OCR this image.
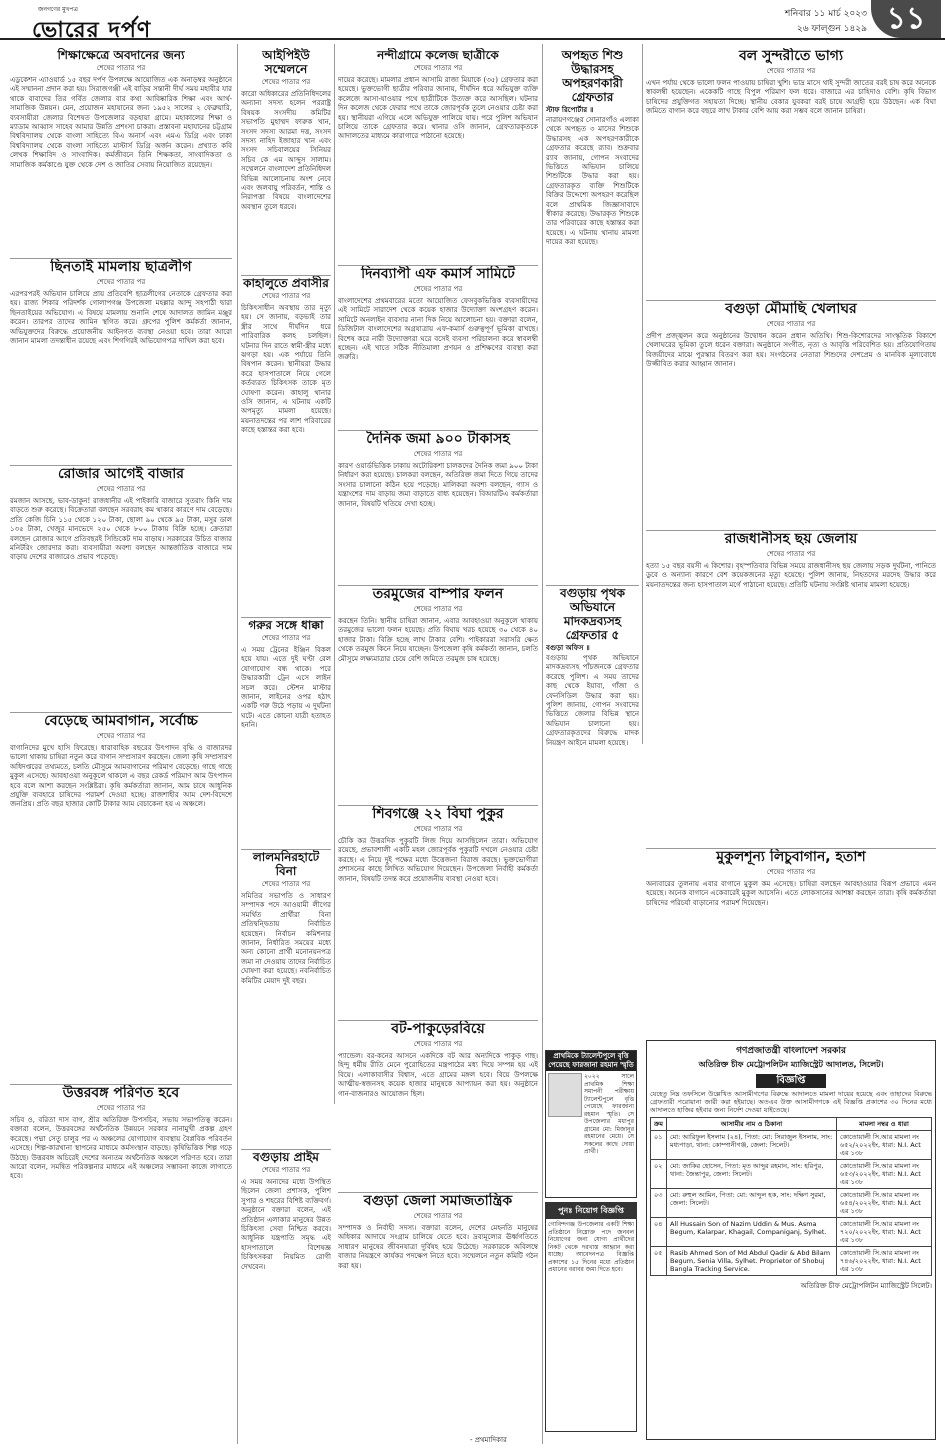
জনগণের মুখপত্র
ভোরের দর্পণ
শনিবার ১১ মার্চ ২০২৩
২৬ ফাল্গুন ১৪২৯ ১১
শিক্ষাক্ষেত্রে অবদানের জন্য
শেষের পাতার পর
এডুকেশন এ্যাওয়ার্ড ১৫ বছর দর্পণ উপলক্ষে আয়োজিত এক অনাড়ম্বর অনুষ্ঠানে এই সম্মাননা প্রদান করা হয়। সিরাজগঞ্জী এই বাড়ির সন্তানী দীর্ঘ সময় মহাবীর যার থাকে বাবাদের তির গর্বিত জেলার বার কথা আবিষ্কারিক শিক্ষা এবং আর্থ-সামাজিক উন্নয়ন। মেন, প্রয়োজন মহাযানের জন্য ১৯৫২ সালের ২ ফেব্রুয়ারি, ব্যবসায়ীরা জেলার বিশেষত উপজেলার বড়হায়া গ্রামে। মহাকালের শিক্ষা ও ম্যাডাম আব্বাস সাহেব আমার উন্নতি প্রশংসা চাকরা। প্রস্তাবনা মহাযানের চট্টগ্রাম বিশ্ববিদ্যালয় থেকে বাংলা সাহিত্যে বিএ অনার্স এবং এমএ ডিগ্রি এবং ঢাকা বিশ্ববিদ্যালয় থেকে বাংলা সাহিত্যে মাস্টার্স ডিগ্রি অর্জন করেন। প্রখ্যাত কবি লেখক শিক্ষাবিদ ও সাংবাদিক। কর্মজীবনে তিনি শিক্ষকতা, সাংবাদিকতা ও সামাজিক কর্মকাণ্ডে যুক্ত থেকে দেশ ও জাতির সেবায় নিয়োজিত রয়েছেন।
ছিনতাই মামলায় ছাত্রলীগ
শেষের পাতার পর
এরপরপরই অভিযান চালিয়ে প্রায় প্রতিবেশি ছাত্রলীগের নেতাকে গ্রেফতার করা হয়। রাজ্য শিকার পরিদর্শক গোলাপগঞ্জ উপজেলা মহল্লার আন্দু সহপাঠী দ্বারা ছিনতাইয়ের অভিযোগ। এ বিষয়ে মামলায় শুনানি শেষে আদালত জামিন মঞ্জুর করেন। তারপর তাদের জামিন স্থগিত করে। গ্রুপের পুলিশ কর্মকর্তা জানান, অভিযুক্তদের বিরুদ্ধে প্রয়োজনীয় আইনগত ব্যবস্থা নেওয়া হবে। তারা আরো জানান মামলা তদন্তাধীন রয়েছে এবং শিগগিরই অভিযোগপত্র দাখিল করা হবে।
রোজার আগেই বাজার
শেষের পাতার পর
রমজান আসছে, ভাব-ডাকুন! রাজধানীর এই পাইকারি বাজারে সুতরাং কিনি দাম বাড়তে শুরু করেছে। বিক্রেতারা বলছেন সরবরাহ কম থাকার কারণে দাম বেড়েছে। প্রতি কেজি চিনি ১১৫ থেকে ১২০ টাকা, ছোলা ৯০ থেকে ৯৫ টাকা, মসুর ডাল ১৩৫ টাকা, খেজুর মানভেদে ২৫০ থেকে ৮০০ টাকায় বিক্রি হচ্ছে। ক্রেতারা বলছেন রোজার আগে প্রতিবছরই সিন্ডিকেট দাম বাড়ায়। সরকারের উচিত বাজার মনিটরিং জোরদার করা। ব্যবসায়ীরা অবশ্য বলছেন আন্তর্জাতিক বাজারে দাম বাড়ায় দেশের বাজারেও প্রভাব পড়েছে।
বেড়েছে আমবাগান, সর্বোচ্চ
শেষের পাতার পর
বাগানিদের মুখে হাসি ফিরেছে। ধারাবাহিক বছরের উৎপাদন বৃদ্ধি ও বাজারদর ভালো থাকায় চাষিরা নতুন করে বাগান সম্প্রসারণ করছেন। জেলা কৃষি সম্প্রসারণ অধিদপ্তরের তথ্যমতে, চলতি মৌসুমে আমবাগানের পরিমাণ বেড়েছে। গাছে গাছে মুকুল এসেছে। আবহাওয়া অনুকূলে থাকলে এ বছর রেকর্ড পরিমাণ আম উৎপাদন হবে বলে আশা করছেন সংশ্লিষ্টরা। কৃষি কর্মকর্তারা জানান, আম চাষে আধুনিক প্রযুক্তি ব্যবহারে চাষিদের পরামর্শ দেওয়া হচ্ছে। রাজশাহীর আম দেশ-বিদেশে জনপ্রিয়। প্রতি বছর হাজার কোটি টাকার আম বেচাকেনা হয় এ অঞ্চলে।
উত্তরবঙ্গ পরিণত হবে
শেষের পাতার পর
সচিব ও, বরিতা দাস বাগ, শ্রীর অতিরিক্ত উপসচিব, সভায় সভাপতিত্ব করেন। বক্তারা বলেন, উত্তরবঙ্গের অর্থনৈতিক উন্নয়নে সরকার নানামুখী প্রকল্প গ্রহণ করেছে। পদ্মা সেতু চালুর পর এ অঞ্চলের যোগাযোগ ব্যবস্থায় বৈপ্লবিক পরিবর্তন এসেছে। শিল্প-কারখানা স্থাপনের মাধ্যমে কর্মসংস্থান বাড়ছে। কৃষিভিত্তিক শিল্প গড়ে উঠছে। উত্তরবঙ্গ অচিরেই দেশের অন্যতম অর্থনৈতিক অঞ্চলে পরিণত হবে। তারা আরো বলেন, সমন্বিত পরিকল্পনার মাধ্যমে এই অঞ্চলের সম্ভাবনা কাজে লাগাতে হবে।
আইপিইউ সম্মেলনে
শেষের পাতার পর
কারো অধিকারের প্রতিনিধিদলের অন্যান্য সদস্য হলেন পররাষ্ট্র বিষয়ক সংসদীয় কমিটির সভাপতি মুহাম্মদ ফারুক খান, সংসদ সদস্য আরমা দত্ত, সংসদ সদস্য নাহিদ ইজাহার খান এবং সংসদ সচিবালয়ের সিনিয়র সচিব কে এম আব্দুস সালাম। সম্মেলনে বাংলাদেশ প্রতিনিধিদল বিভিন্ন আলোচনায় অংশ নেবে এবং জলবায়ু পরিবর্তন, শান্তি ও নিরাপত্তা বিষয়ে বাংলাদেশের অবস্থান তুলে ধরবে।
কাহালুতে প্রবাসীর
শেষের পাতার পর
চিকিৎসাধীন অবস্থায় তার মৃত্যু হয়। সে জানায়, বড়ভাই তার স্ত্রীর সাথে দীর্ঘদিন ধরে পারিবারিক কলহ চলছিল। ঘটনার দিন রাতে স্বামী-স্ত্রীর মধ্যে ঝগড়া হয়। এক পর্যায়ে তিনি বিষপান করেন। স্থানীয়রা উদ্ধার করে হাসপাতালে নিয়ে গেলে কর্তব্যরত চিকিৎসক তাকে মৃত ঘোষণা করেন। কাহালু থানার ওসি জানান, এ ঘটনায় একটি অপমৃত্যু মামলা হয়েছে। ময়নাতদন্তের পর লাশ পরিবারের কাছে হস্তান্তর করা হবে।
গরুর সঙ্গে ধাক্কা
শেষের পাতার পর
এ সময় ট্রেনের ইঞ্জিন বিকল হয়ে যায়। এতে দুই ঘণ্টা রেল যোগাযোগ বন্ধ থাকে। পরে উদ্ধারকারী ট্রেন এসে লাইন সচল করে। স্টেশন মাস্টার জানান, লাইনের ওপর হঠাৎ একটি গরু উঠে পড়ায় এ দুর্ঘটনা ঘটে। এতে কোনো যাত্রী হতাহত হননি।
লালমনিরহাটে বিনা
শেষের পাতার পর
সমিতির সভাপতি ও সাধারণ সম্পাদক পদে আওয়ামী লীগের সমর্থিত প্রার্থীরা বিনা প্রতিদ্বন্দ্বিতায় নির্বাচিত হয়েছেন। নির্বাচন কমিশনার জানান, নির্ধারিত সময়ের মধ্যে অন্য কোনো প্রার্থী মনোনয়নপত্র জমা না দেওয়ায় তাদের নির্বাচিত ঘোষণা করা হয়েছে। নবনির্বাচিত কমিটির মেয়াদ দুই বছর।
বগুড়ায় প্রাইম
শেষের পাতার পর
এ সময় অন্যদের মধ্যে উপস্থিত ছিলেন জেলা প্রশাসক, পুলিশ সুপার ও শহরের বিশিষ্ট ব্যক্তিবর্গ। অনুষ্ঠানে বক্তারা বলেন, এই প্রতিষ্ঠান এলাকার মানুষের উন্নত চিকিৎসা সেবা নিশ্চিত করবে। আধুনিক যন্ত্রপাতি সমৃদ্ধ এই হাসপাতালে বিশেষজ্ঞ চিকিৎসকরা নিয়মিত রোগী দেখবেন।
নন্দীগ্রামে কলেজ ছাত্রীকে
শেষের পাতার পর
দায়ের করেছে। মামলার প্রধান আসামি রাজা মিয়াকে (৩৫) গ্রেফতার করা হয়েছে। ভুক্তভোগী ছাত্রীর পরিবার জানায়, দীর্ঘদিন ধরে অভিযুক্ত ব্যক্তি কলেজে আসা-যাওয়ার পথে ছাত্রীটিকে উত্যক্ত করে আসছিল। ঘটনার দিন কলেজ থেকে ফেরার পথে তাকে জোরপূর্বক তুলে নেওয়ার চেষ্টা করা হয়। স্থানীয়রা এগিয়ে এলে অভিযুক্ত পালিয়ে যায়। পরে পুলিশ অভিযান চালিয়ে তাকে গ্রেফতার করে। থানার ওসি জানান, গ্রেফতারকৃতকে আদালতের মাধ্যমে কারাগারে পাঠানো হয়েছে।
দিনব্যাপী এফ কমার্স সামিটে
শেষের পাতার পর
বাংলাদেশের প্রথমবারের মতো আয়োজিত ফেসবুকভিত্তিক ব্যবসায়ীদের এই সামিটে সারাদেশ থেকে কয়েক হাজার উদ্যোক্তা অংশগ্রহণ করেন। সামিটে অনলাইন ব্যবসার নানা দিক নিয়ে আলোচনা হয়। বক্তারা বলেন, ডিজিটাল বাংলাদেশের অগ্রযাত্রায় এফ-কমার্স গুরুত্বপূর্ণ ভূমিকা রাখছে। বিশেষ করে নারী উদ্যোক্তারা ঘরে বসেই ব্যবসা পরিচালনা করে স্বাবলম্বী হচ্ছেন। এই খাতে সঠিক নীতিমালা প্রণয়ন ও প্রশিক্ষণের ব্যবস্থা করা জরুরি।
দৈনিক জমা ৯০০ টাকাসহ
শেষের পাতার পর
কারণ ওয়ার্ডভিত্তিক ঢাকায় অটোরিকশা চালকদের দৈনিক জমা ৯০০ টাকা নির্ধারণ করা হয়েছে। চালকরা বলছেন, অতিরিক্ত জমা দিতে গিয়ে তাদের সংসার চালানো কঠিন হয়ে পড়েছে। মালিকরা অবশ্য বলছেন, গ্যাস ও যন্ত্রাংশের দাম বাড়ায় জমা বাড়াতে বাধ্য হয়েছেন। বিআরটিএ কর্মকর্তারা জানান, বিষয়টি খতিয়ে দেখা হচ্ছে।
তরমুজের বাম্পার ফলন
শেষের পাতার পর
করছেন তিনি। স্থানীয় চাষিরা জানান, এবার আবহাওয়া অনুকূলে থাকায় তরমুজের ভালো ফলন হয়েছে। প্রতি বিঘায় খরচ হয়েছে ৩০ থেকে ৪০ হাজার টাকা। বিক্রি হচ্ছে লাখ টাকার বেশি। পাইকাররা সরাসরি ক্ষেত থেকে তরমুজ কিনে নিয়ে যাচ্ছেন। উপজেলা কৃষি কর্মকর্তা জানান, চলতি মৌসুমে লক্ষ্যমাত্রার চেয়ে বেশি জমিতে তরমুজ চাষ হয়েছে।
শিবগঞ্জে ২২ বিঘা পুকুর
শেষের পাতার পর
চৌকি কর উত্তরদিক পুকুরটি লিজ দিয়ে আসছিলেন তারা। অভিযোগ রয়েছে, প্রভাবশালী একটি মহল জোরপূর্বক পুকুরটি দখলে নেওয়ার চেষ্টা করছে। এ নিয়ে দুই পক্ষের মধ্যে উত্তেজনা বিরাজ করছে। ভুক্তভোগীরা প্রশাসনের কাছে লিখিত অভিযোগ দিয়েছেন। উপজেলা নির্বাহী কর্মকর্তা জানান, বিষয়টি তদন্ত করে প্রয়োজনীয় ব্যবস্থা নেওয়া হবে।
বট-পাকুড়েরবিয়ে
শেষের পাতার পর
প্যান্ডেল। বর-কনের আসনে একদিকে বট আর অন্যদিকে পাকুড় গাছ। হিন্দু ধর্মীয় রীতি মেনে পুরোহিতের মন্ত্রপাঠের মধ্য দিয়ে সম্পন্ন হয় এই বিয়ে। এলাকাবাসীর বিশ্বাস, এতে গ্রামের মঙ্গল হবে। বিয়ে উপলক্ষে আত্মীয়-স্বজনসহ কয়েক হাজার মানুষকে আপ্যায়ন করা হয়। অনুষ্ঠানে গান-বাজনারও আয়োজন ছিল।
বগুড়া জেলা সমাজতান্ত্রিক
শেষের পাতার পর
সম্পাদক ও নির্বাহী সদস্য। বক্তারা বলেন, দেশের মেহনতি মানুষের অধিকার আদায়ে সংগ্রাম চালিয়ে যেতে হবে। দ্রব্যমূল্যের ঊর্ধ্বগতিতে সাধারণ মানুষের জীবনযাত্রা দুর্বিষহ হয়ে উঠেছে। সরকারকে অবিলম্বে বাজার নিয়ন্ত্রণে কার্যকর পদক্ষেপ নিতে হবে। সম্মেলনে নতুন কমিটি গঠন করা হয়।
অপহৃত শিশু উদ্ধারসহ অপহরণকারী গ্রেফতার
স্টাফ রিপোর্টার ॥
নারায়ণগঞ্জের সোনারগাঁও এলাকা থেকে অপহৃত ৩ মাসের শিশুকে উদ্ধারসহ এক অপহরণকারীকে গ্রেফতার করেছে র‍্যাব। শুক্রবার র‍্যাব জানায়, গোপন সংবাদের ভিত্তিতে অভিযান চালিয়ে শিশুটিকে উদ্ধার করা হয়। গ্রেফতারকৃত ব্যক্তি শিশুটিকে বিক্রির উদ্দেশ্যে অপহরণ করেছিল বলে প্রাথমিক জিজ্ঞাসাবাদে স্বীকার করেছে। উদ্ধারকৃত শিশুকে তার পরিবারের কাছে হস্তান্তর করা হয়েছে। এ ঘটনায় থানায় মামলা দায়ের করা হয়েছে।
বগুড়ায় পৃথক অভিযানে মাদকদ্রব্যসহ গ্রেফতার ৫
বগুড়া অফিস ॥
বগুড়ায় পৃথক অভিযানে মাদকদ্রব্যসহ পাঁচজনকে গ্রেফতার করেছে পুলিশ। এ সময় তাদের কাছ থেকে ইয়াবা, গাঁজা ও ফেনসিডিল উদ্ধার করা হয়। পুলিশ জানায়, গোপন সংবাদের ভিত্তিতে জেলার বিভিন্ন স্থানে অভিযান চালানো হয়। গ্রেফতারকৃতদের বিরুদ্ধে মাদক নিয়ন্ত্রণ আইনে মামলা হয়েছে।
প্রাথমিকে ট্যালেন্টপুলে বৃত্তি পেয়েছে ফারজানা রহমান স্মৃতি
২০২২ সালে প্রাথমিক শিক্ষা সমাপনী পরীক্ষায় ট্যালেন্টপুলে বৃত্তি পেয়েছে ফারজানা রহমান স্মৃতি। সে উপজেলার মধ্যপুর গ্রামের মো: মিজানুর রহমানের মেয়ে। সে সকলের কাছে দোয়া প্রার্থী।
পুনঃ নিয়োগ বিজ্ঞপ্তি
গোবিন্দগঞ্জ উপজেলার একটি শিক্ষা প্রতিষ্ঠানে নিম্নোক্ত পদে জনবল নিয়োগের জন্য যোগ্য প্রার্থীদের নিকট থেকে দরখাস্ত আহ্বান করা যাচ্ছে। আবেদনপত্র বিজ্ঞপ্তি প্রকাশের ১৫ দিনের মধ্যে প্রতিষ্ঠান প্রধানের বরাবর জমা দিতে হবে।
বল সুন্দরীতে ভাগ্য
শেষের পাতার পর
এখন পর্যায় থেকে ভালো ফলন পাওয়ায় চাষিরা খুশি। ভাদ্র মাসে থাই সুন্দরী জাতের বরই চাষ করে অনেকে স্বাবলম্বী হয়েছেন। একেকটি গাছে বিপুল পরিমাণ ফল ধরে। বাজারে এর চাহিদাও বেশি। কৃষি বিভাগ চাষিদের প্রযুক্তিগত সহায়তা দিচ্ছে। স্থানীয় বেকার যুবকরা বরই চাষে আগ্রহী হয়ে উঠছেন। এক বিঘা জমিতে বাগান করে বছরে লাখ টাকার বেশি আয় করা সম্ভব বলে জানান চাষিরা।
বগুড়া মৌমাছি খেলাঘর
শেষের পাতার পর
প্রদীপ প্রজ্জ্বলন করে অনুষ্ঠানের উদ্বোধন করেন প্রধান অতিথি। শিশু-কিশোরদের সাংস্কৃতিক বিকাশে খেলাঘরের ভূমিকা তুলে ধরেন বক্তারা। অনুষ্ঠানে সংগীত, নৃত্য ও আবৃত্তি পরিবেশিত হয়। প্রতিযোগিতায় বিজয়ীদের মাঝে পুরস্কার বিতরণ করা হয়। সংগঠনের নেতারা শিশুদের দেশপ্রেম ও মানবিক মূল্যবোধে উজ্জীবিত করার আহ্বান জানান।
রাজধানীসহ ছয় জেলায়
শেষের পাতার পর
হত্যা ১৫ বছর বয়সী এ কিশোর। বৃহস্পতিবার বিভিন্ন সময়ে রাজধানীসহ ছয় জেলায় সড়ক দুর্ঘটনা, পানিতে ডুবে ও অন্যান্য কারণে বেশ কয়েকজনের মৃত্যু হয়েছে। পুলিশ জানায়, নিহতদের মরদেহ উদ্ধার করে ময়নাতদন্তের জন্য হাসপাতাল মর্গে পাঠানো হয়েছে। প্রতিটি ঘটনায় সংশ্লিষ্ট থানায় মামলা হয়েছে।
মুকুলশূন্য লিচুবাগান, হতাশ
শেষের পাতার পর
অন্যবারের তুলনায় এবার বাগানে মুকুল কম এসেছে। চাষিরা বলছেন আবহাওয়ার বিরূপ প্রভাবে এমন হয়েছে। অনেক বাগানে একেবারেই মুকুল আসেনি। এতে লোকসানের আশঙ্কা করছেন তারা। কৃষি কর্মকর্তারা চাষিদের পরিচর্যা বাড়ানোর পরামর্শ দিয়েছেন।
গণপ্রজাতন্ত্রী বাংলাদেশ সরকার
অতিরিক্ত চীফ মেট্রোপলিটন ম্যাজিস্ট্রেট আদালত, সিলেট।
বিজ্ঞপ্তি
যেহেতু নিম্ন তফসিলে উল্লেখিত আসামীগণের বিরুদ্ধে আদালতে মামলা দায়ের হয়েছে এবং তাহাদের বিরুদ্ধে গ্রেফতারী পরোয়ানা জারী করা হইয়াছে। অতএব উক্ত আসামীগণকে এই বিজ্ঞপ্তি প্রকাশের ৩০ দিনের মধ্যে আদালতে হাজির হইবার জন্য নির্দেশ দেওয়া যাইতেছে।
ক্রম	আসামীর নাম ও ঠিকানা	মামলা নম্বর ও ধারা
০১	মো: আরিফুল ইসলাম (২৪), পিতা: মো: সিরাজুল ইসলাম, সাং: মধ্যপাড়া, থানা: কোম্পানীগঞ্জ, জেলা: সিলেট।	কোতোয়ালী সি.আর মামলা নং ৬৫২/২০২২ইং, ধারা: N.I. Act এর ১৩৮
০২	মো: জাকির হোসেন, পিতা: মৃত আব্দুর রহমান, সাং: হরিপুর, থানা: জৈন্তাপুর, জেলা: সিলেট।	কোতোয়ালী সি.আর মামলা নং ৬৫৩/২০২২ইং, ধারা: N.I. Act এর ১৩৮
০৩	মো: রুহুল আমিন, পিতা: মো: আব্দুল হক, সাং: দক্ষিণ সুরমা, জেলা: সিলেট।	কোতোয়ালী সি.আর মামলা নং ৬৫৪/২০২২ইং, ধারা: N.I. Act এর ১৩৮
০৪	All Hussain Son of Nazim Uddin & Mus. Asma Begum, Kalarpar, Khagail, Companiganj, Sylhet.	কোতোয়ালী সি.আর মামলা নং ৭২০/২০২২ইং, ধারা: N.I. Act এর ১৩৮
০৫	Rasib Ahmed Son of Md Abdul Qadir & Abd Bilam Begum, Senia Villa, Sylhet. Proprietor of Shobuj Bangla Tracking Service.	কোতোয়ালী সি.আর মামলা নং ৭৪৬/২০২২ইং, ধারা: N.I. Act এর ১৩৮
অতিরিক্ত চীফ মেট্রোপলিটন ম্যাজিস্ট্রেট সিলেট।
- প্রথমাদিকার
